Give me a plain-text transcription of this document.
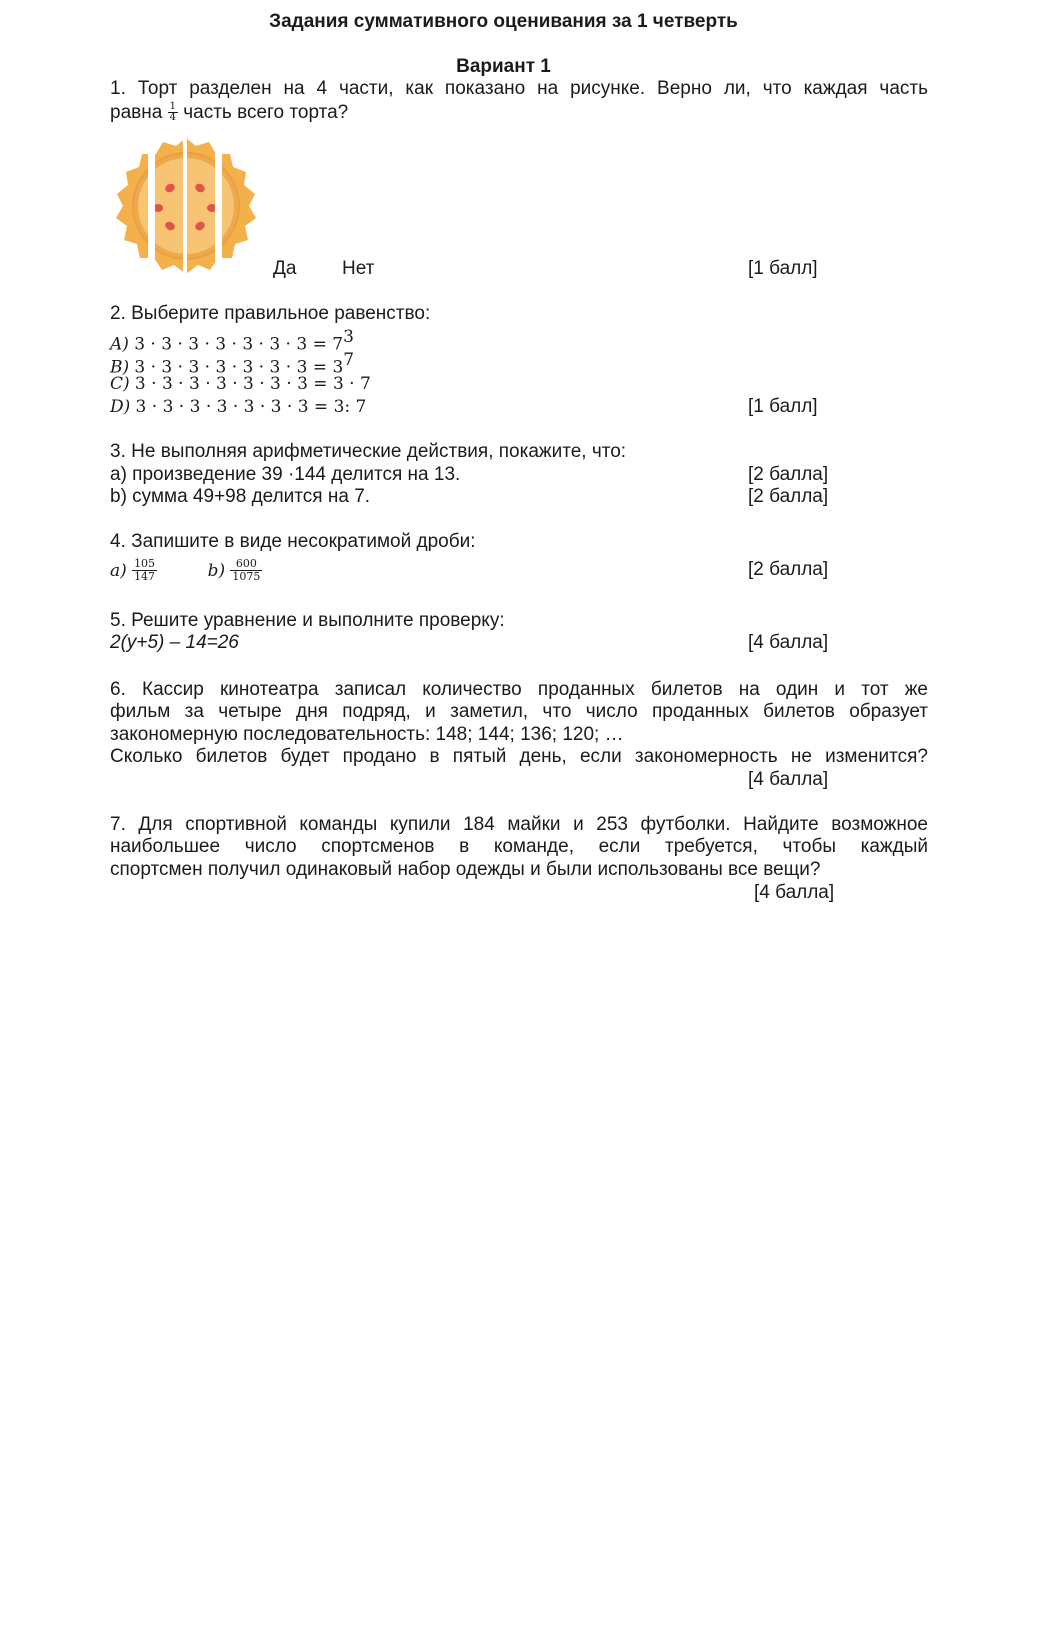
Задания суммативного оценивания за 1 четверть
Вариант 1
1. Торт разделен на 4 части, как показано на рисунке. Верно ли, что каждая часть
равна $\frac{1}{4}$ часть всего торта?
Да Нет	[1 балл]
2. Выберите правильное равенство:
A) $3 \cdot 3 \cdot 3 \cdot 3 \cdot 3 \cdot 3 \cdot 3 = 7^3$
B) $3 \cdot 3 \cdot 3 \cdot 3 \cdot 3 \cdot 3 \cdot 3 = 3^7$
C) 3 · 3 · 3 · 3 · 3 · 3 · 3 = 3 · 7
D) 3 · 3 · 3 · 3 · 3 · 3 · 3 = 3: 7	[1 балл]
3. Не выполняя арифметические действия, покажите, что:
а) произведение 39 ·144 делится на 13.	[2 балла]
b) сумма 49+98 делится на 7.	[2 балла]
4. Запишите в виде несократимой дроби:
$a) \frac{105}{147}$	$b) \frac{600}{1075}$	[2 балла]
5. Решите уравнение и выполните проверку:
2(у+5) – 14=26	[4 балла]
6. Кассир кинотеатра записал количество проданных билетов на один и тот же
фильм за четыре дня подряд, и заметил, что число проданных билетов образует
закономерную последовательность: 148; 144; 136; 120; …
Сколько билетов будет продано в пятый день, если закономерность не изменится?
[4 балла]
7. Для спортивной команды купили 184 майки и 253 футболки. Найдите возможное
наибольшее число спортсменов в команде, если требуется, чтобы каждый
спортсмен получил одинаковый набор одежды и были использованы все вещи?
[4 балла]
